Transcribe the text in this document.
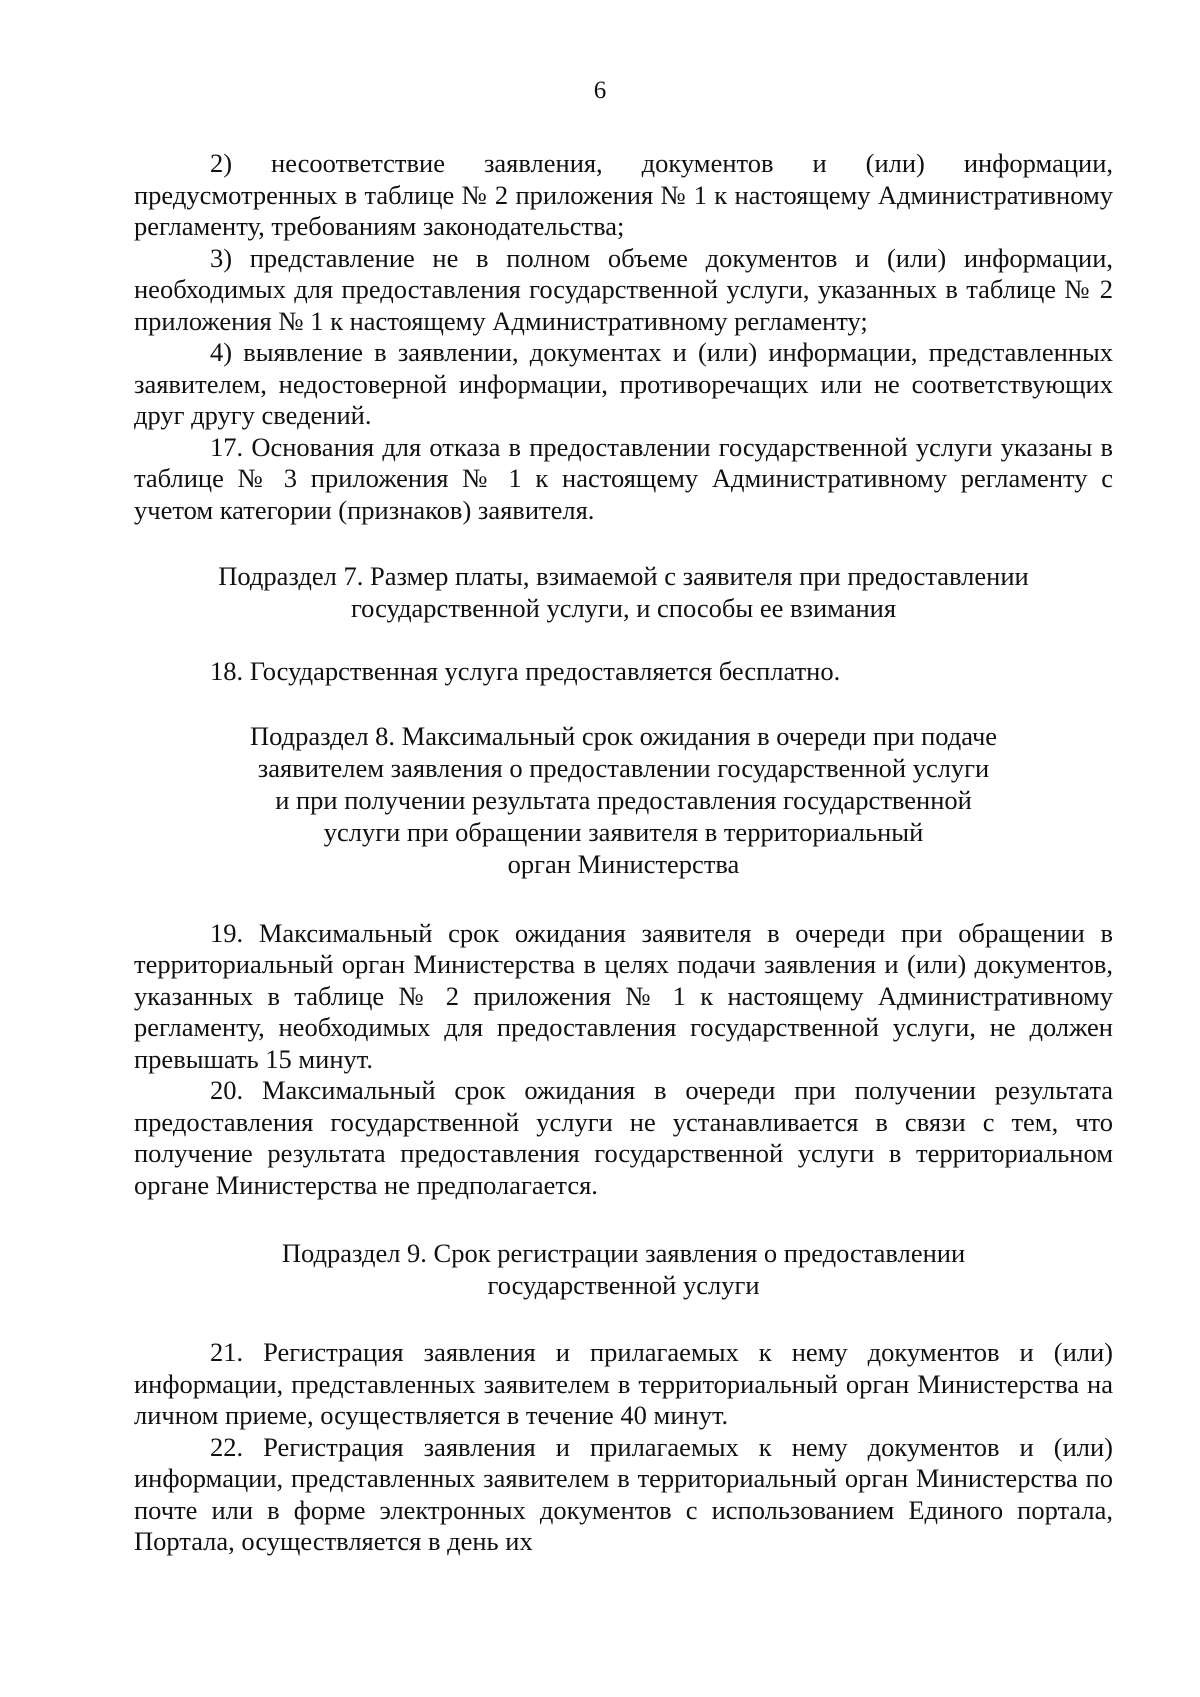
6

2) несоответствие заявления, документов и (или) информации, предусмотренных в таблице № 2 приложения № 1 к настоящему Административному регламенту, требованиям законодательства;

3) представление не в полном объеме документов и (или) информации, необходимых для предоставления государственной услуги, указанных в таблице № 2 приложения № 1 к настоящему Административному регламенту;

4) выявление в заявлении, документах и (или) информации, представленных заявителем, недостоверной информации, противоречащих или не соответствующих друг другу сведений.

17. Основания для отказа в предоставлении государственной услуги указаны в таблице № 3 приложения № 1 к настоящему Административному регламенту с учетом категории (признаков) заявителя.

Подраздел 7. Размер платы, взимаемой с заявителя при предоставлении
государственной услуги, и способы ее взимания

18. Государственная услуга предоставляется бесплатно.

Подраздел 8. Максимальный срок ожидания в очереди при подаче
заявителем заявления о предоставлении государственной услуги
и при получении результата предоставления государственной
услуги при обращении заявителя в территориальный
орган Министерства

19. Максимальный срок ожидания заявителя в очереди при обращении в территориальный орган Министерства в целях подачи заявления и (или) документов, указанных в таблице № 2 приложения № 1 к настоящему Административному регламенту, необходимых для предоставления государственной услуги, не должен превышать 15 минут.

20. Максимальный срок ожидания в очереди при получении результата предоставления государственной услуги не устанавливается в связи с тем, что получение результата предоставления государственной услуги в территориальном органе Министерства не предполагается.

Подраздел 9. Срок регистрации заявления о предоставлении
государственной услуги

21. Регистрация заявления и прилагаемых к нему документов и (или) информации, представленных заявителем в территориальный орган Министерства на личном приеме, осуществляется в течение 40 минут.

22. Регистрация заявления и прилагаемых к нему документов и (или) информации, представленных заявителем в территориальный орган Министерства по почте или в форме электронных документов с использованием Единого портала, Портала, осуществляется в день их
